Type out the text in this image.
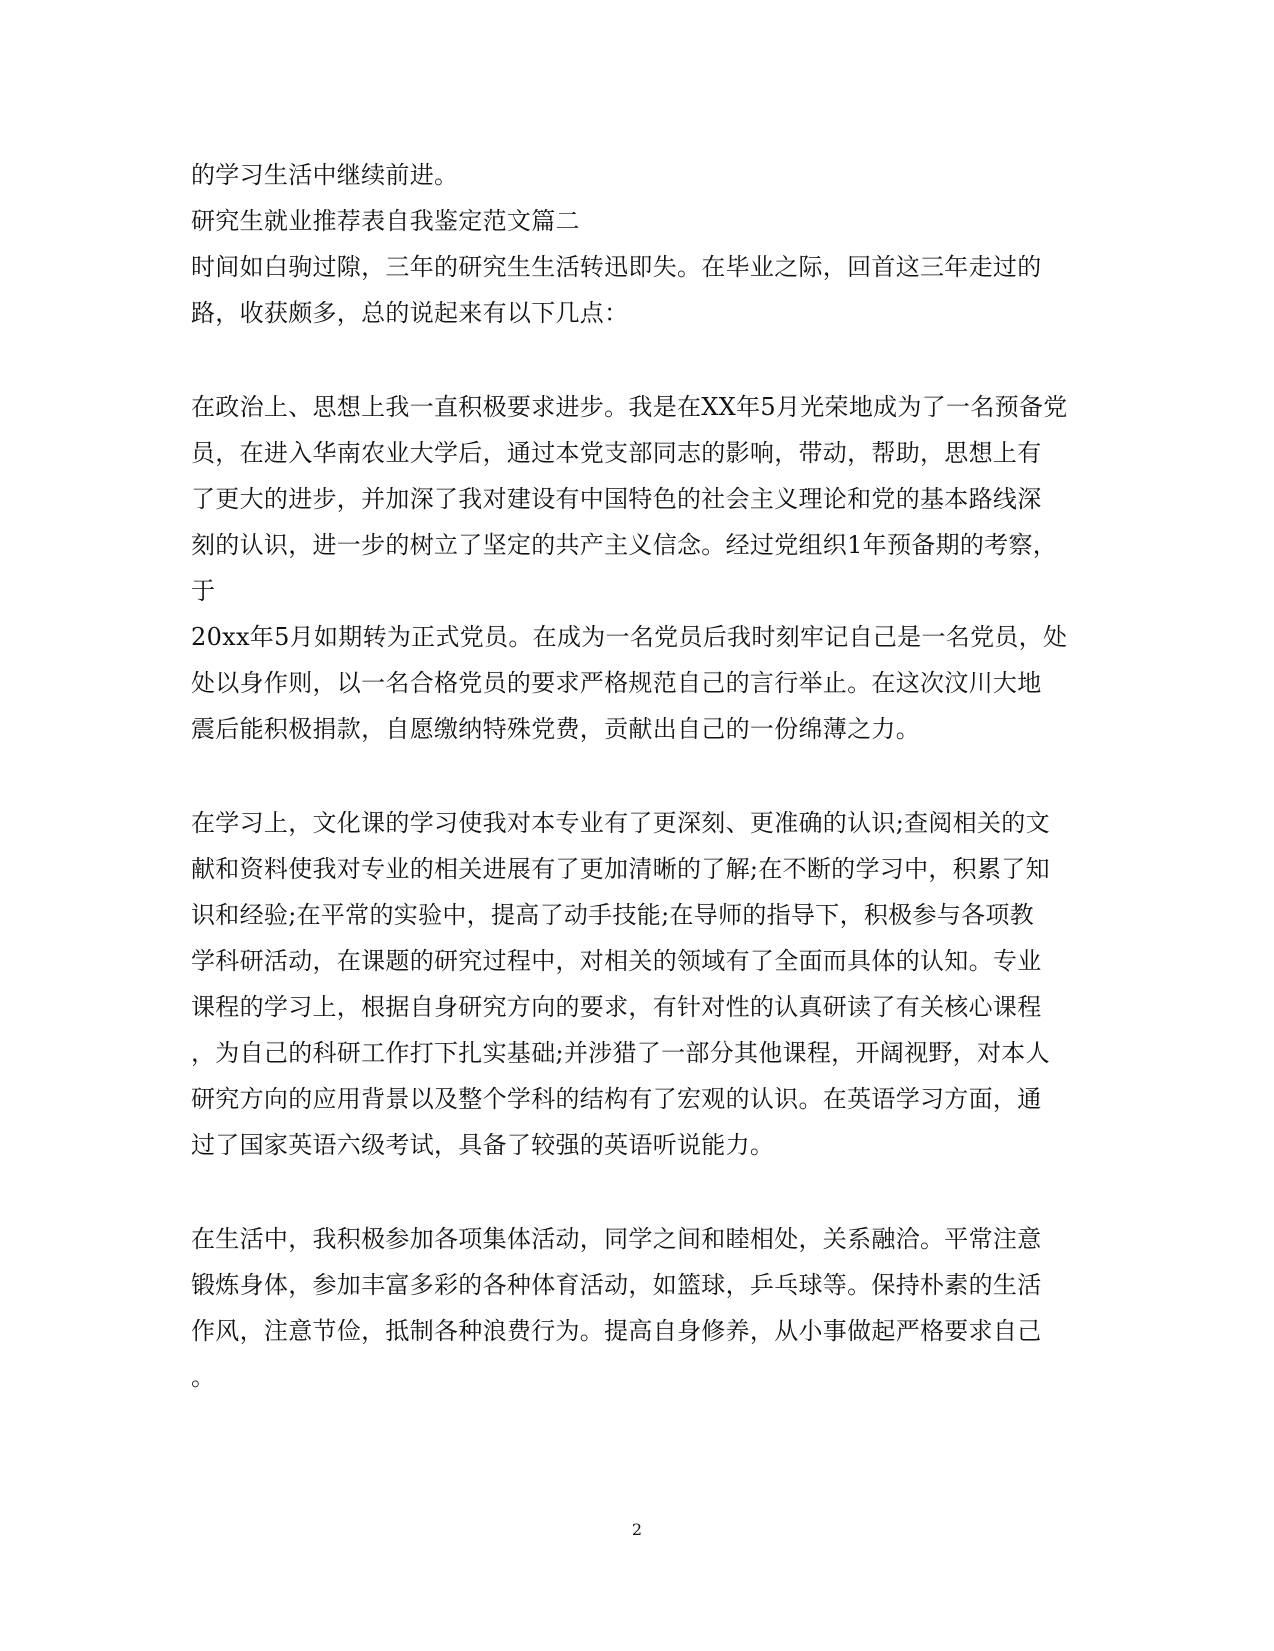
的学习生活中继续前进。
研究生就业推荐表自我鉴定范文篇二
时间如白驹过隙，三年的研究生生活转迅即失。在毕业之际，回首这三年走过的
路，收获颇多，总的说起来有以下几点：
在政治上、思想上我一直积极要求进步。我是在XX年5月光荣地成为了一名预备党
员，在进入华南农业大学后，通过本党支部同志的影响，带动，帮助，思想上有
了更大的进步，并加深了我对建设有中国特色的社会主义理论和党的基本路线深
刻的认识，进一步的树立了坚定的共产主义信念。经过党组织1年预备期的考察，
于
20xx年5月如期转为正式党员。在成为一名党员后我时刻牢记自己是一名党员，处
处以身作则，以一名合格党员的要求严格规范自己的言行举止。在这次汶川大地
震后能积极捐款，自愿缴纳特殊党费，贡献出自己的一份绵薄之力。
在学习上，文化课的学习使我对本专业有了更深刻、更准确的认识;查阅相关的文
献和资料使我对专业的相关进展有了更加清晰的了解;在不断的学习中，积累了知
识和经验;在平常的实验中，提高了动手技能;在导师的指导下，积极参与各项教
学科研活动，在课题的研究过程中，对相关的领域有了全面而具体的认知。专业
课程的学习上，根据自身研究方向的要求，有针对性的认真研读了有关核心课程
，为自己的科研工作打下扎实基础;并涉猎了一部分其他课程，开阔视野，对本人
研究方向的应用背景以及整个学科的结构有了宏观的认识。在英语学习方面，通
过了国家英语六级考试，具备了较强的英语听说能力。
在生活中，我积极参加各项集体活动，同学之间和睦相处，关系融洽。平常注意
锻炼身体，参加丰富多彩的各种体育活动，如篮球，乒乓球等。保持朴素的生活
作风，注意节俭，抵制各种浪费行为。提高自身修养，从小事做起严格要求自己
。
2
